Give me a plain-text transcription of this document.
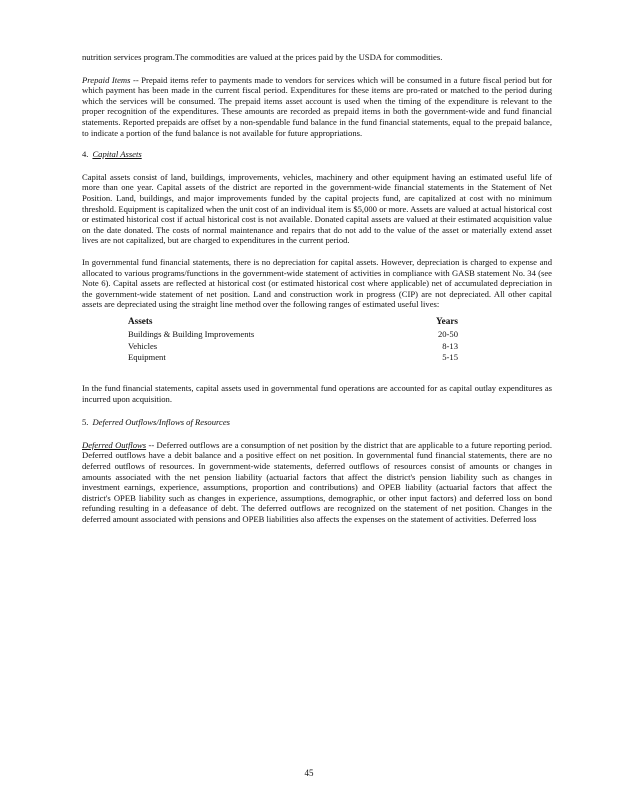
nutrition services program.The commodities are valued at the prices paid by the USDA for commodities.

Prepaid Items -- Prepaid items refer to payments made to vendors for services which will be consumed in a future fiscal period but for which payment has been made in the current fiscal period. Expenditures for these items are pro-rated or matched to the period during which the services will be consumed. The prepaid items asset account is used when the timing of the expenditure is relevant to the proper recognition of the expenditures. These amounts are recorded as prepaid items in both the government-wide and fund financial statements. Reported prepaids are offset by a non-spendable fund balance in the fund financial statements, equal to the prepaid balance, to indicate a portion of the fund balance is not available for future appropriations.

4. Capital Assets

Capital assets consist of land, buildings, improvements, vehicles, machinery and other equipment having an estimated useful life of more than one year. Capital assets of the district are reported in the government-wide financial statements in the Statement of Net Position. Land, buildings, and major improvements funded by the capital projects fund, are capitalized at cost with no minimum threshold. Equipment is capitalized when the unit cost of an individual item is $5,000 or more. Assets are valued at actual historical cost or estimated historical cost if actual historical cost is not available. Donated capital assets are valued at their estimated acquisition value on the date donated. The costs of normal maintenance and repairs that do not add to the value of the asset or materially extend asset lives are not capitalized, but are charged to expenditures in the current period.

In governmental fund financial statements, there is no depreciation for capital assets. However, depreciation is charged to expense and allocated to various programs/functions in the government-wide statement of activities in compliance with GASB statement No. 34 (see Note 6). Capital assets are reflected at historical cost (or estimated historical cost where applicable) net of accumulated depreciation in the government-wide statement of net position. Land and construction work in progress (CIP) are not depreciated. All other capital assets are depreciated using the straight line method over the following ranges of estimated useful lives:

Assets	Years
Buildings & Building Improvements	20-50
Vehicles	8-13
Equipment	5-15

In the fund financial statements, capital assets used in governmental fund operations are accounted for as capital outlay expenditures as incurred upon acquisition.

5. Deferred Outflows/Inflows of Resources

Deferred Outflows -- Deferred outflows are a consumption of net position by the district that are applicable to a future reporting period. Deferred outflows have a debit balance and a positive effect on net position. In governmental fund financial statements, there are no deferred outflows of resources. In government-wide statements, deferred outflows of resources consist of amounts or changes in amounts associated with the net pension liability (actuarial factors that affect the district's pension liability such as changes in investment earnings, experience, assumptions, proportion and contributions) and OPEB liability (actuarial factors that affect the district's OPEB liability such as changes in experience, assumptions, demographic, or other input factors) and deferred loss on bond refunding resulting in a defeasance of debt. The deferred outflows are recognized on the statement of net position. Changes in the deferred amount associated with pensions and OPEB liabilities also affects the expenses on the statement of activities. Deferred loss

45
